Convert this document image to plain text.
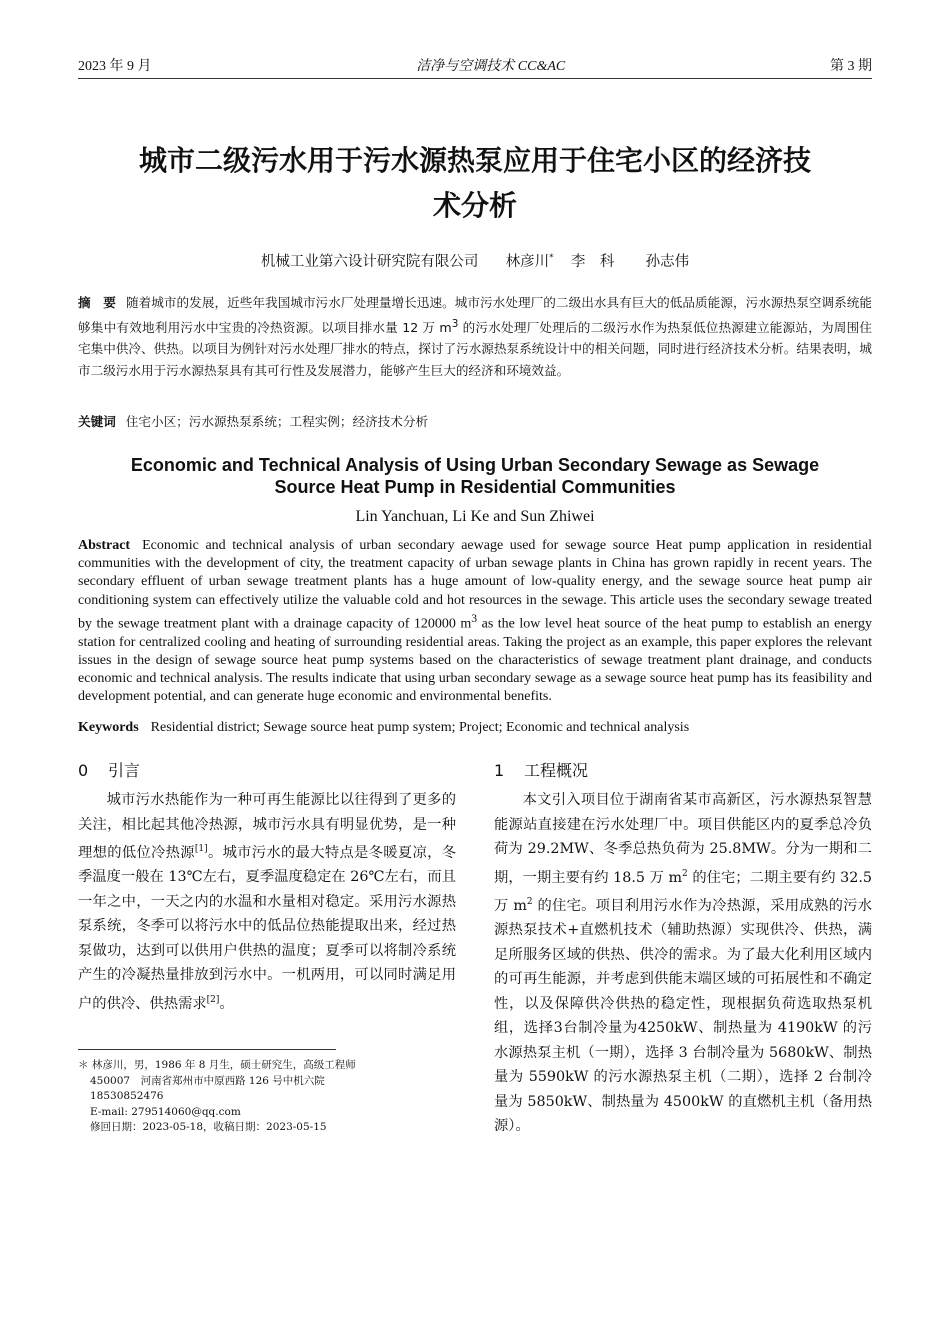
2023 年 9 月	洁净与空调技术 CC&AC	第 3 期
城市二级污水用于污水源热泵应用于住宅小区的经济技
术分析
机械工业第六设计研究院有限公司 林彦川* 李　科 孙志伟
摘　要 随着城市的发展，近些年我国城市污水厂处理量增长迅速。城市污水处理厂的二级出水具有巨大的低品质能源，污水源热泵空调系统能够集中有效地利用污水中宝贵的冷热资源。以项目排水量 12 万 $m^3$ 的污水处理厂处理后的二级污水作为热泵低位热源建立能源站，为周围住宅集中供冷、供热。以项目为例针对污水处理厂排水的特点，探讨了污水源热泵系统设计中的相关问题，同时进行经济技术分析。结果表明，城市二级污水用于污水源热泵具有其可行性及发展潜力，能够产生巨大的经济和环境效益。
关键词 住宅小区；污水源热泵系统；工程实例；经济技术分析
Economic and Technical Analysis of Using Urban Secondary Sewage as Sewage
Source Heat Pump in Residential Communities
Lin Yanchuan, Li Ke and Sun Zhiwei
Abstract Economic and technical analysis of urban secondary aewage used for sewage source Heat pump application in residential communities with the development of city, the treatment capacity of urban sewage plants in China has grown rapidly in recent years. The secondary effluent of urban sewage treatment plants has a huge amount of low-quality energy, and the sewage source heat pump air conditioning system can effectively utilize the valuable cold and hot resources in the sewage. This article uses the secondary sewage treated by the sewage treatment plant with a drainage capacity of 120000 $m^3$ as the low level heat source of the heat pump to establish an energy station for centralized cooling and heating of surrounding residential areas. Taking the project as an example, this paper explores the relevant issues in the design of sewage source heat pump systems based on the characteristics of sewage treatment plant drainage, and conducts economic and technical analysis. The results indicate that using urban secondary sewage as a sewage source heat pump has its feasibility and development potential, and can generate huge economic and environmental benefits.
Keywords Residential district; Sewage source heat pump system; Project; Economic and technical analysis
0 引言

城市污水热能作为一种可再生能源比以往得到了更多的关注，相比起其他冷热源，城市污水具有明显优势，是一种理想的低位冷热源[1]。城市污水的最大特点是冬暖夏凉，冬季温度一般在 13℃左右，夏季温度稳定在 26℃左右，而且一年之中，一天之内的水温和水量相对稳定。采用污水源热泵系统，冬季可以将污水中的低品位热能提取出来，经过热泵做功，达到可以供用户供热的温度；夏季可以将制冷系统产生的冷凝热量排放到污水中。一机两用，可以同时满足用户的供冷、供热需求[2]。

1 工程概况

本文引入项目位于湖南省某市高新区，污水源热泵智慧能源站直接建在污水处理厂中。项目供能区内的夏季总冷负荷为 29.2MW、冬季总热负荷为 25.8MW。分为一期和二期，一期主要有约 18.5 万 $m^2$ 的住宅；二期主要有约 32.5 万 $m^2$ 的住宅。项目利用污水作为冷热源，采用成熟的污水源热泵技术+直燃机技术（辅助热源）实现供冷、供热，满足所服务区域的供热、供冷的需求。为了最大化利用区域内的可再生能源，并考虑到供能末端区域的可拓展性和不确定性，以及保障供冷供热的稳定性，现根据负荷选取热泵机组，选择3台制冷量为4250kW、制热量为 4190kW 的污水源热泵主机（一期），选择 3 台制冷量为 5680kW、制热量为 5590kW 的污水源热泵主机（二期），选择 2 台制冷量为 5850kW、制热量为 4500kW 的直燃机主机（备用热源）。

＊ 林彦川，男，1986 年 8 月生，硕士研究生，高级工程师
450007　河南省郑州市中原西路 126 号中机六院
18530852476
E-mail: 279514060@qq.com
修回日期：2023-05-18，收稿日期：2023-05-15
